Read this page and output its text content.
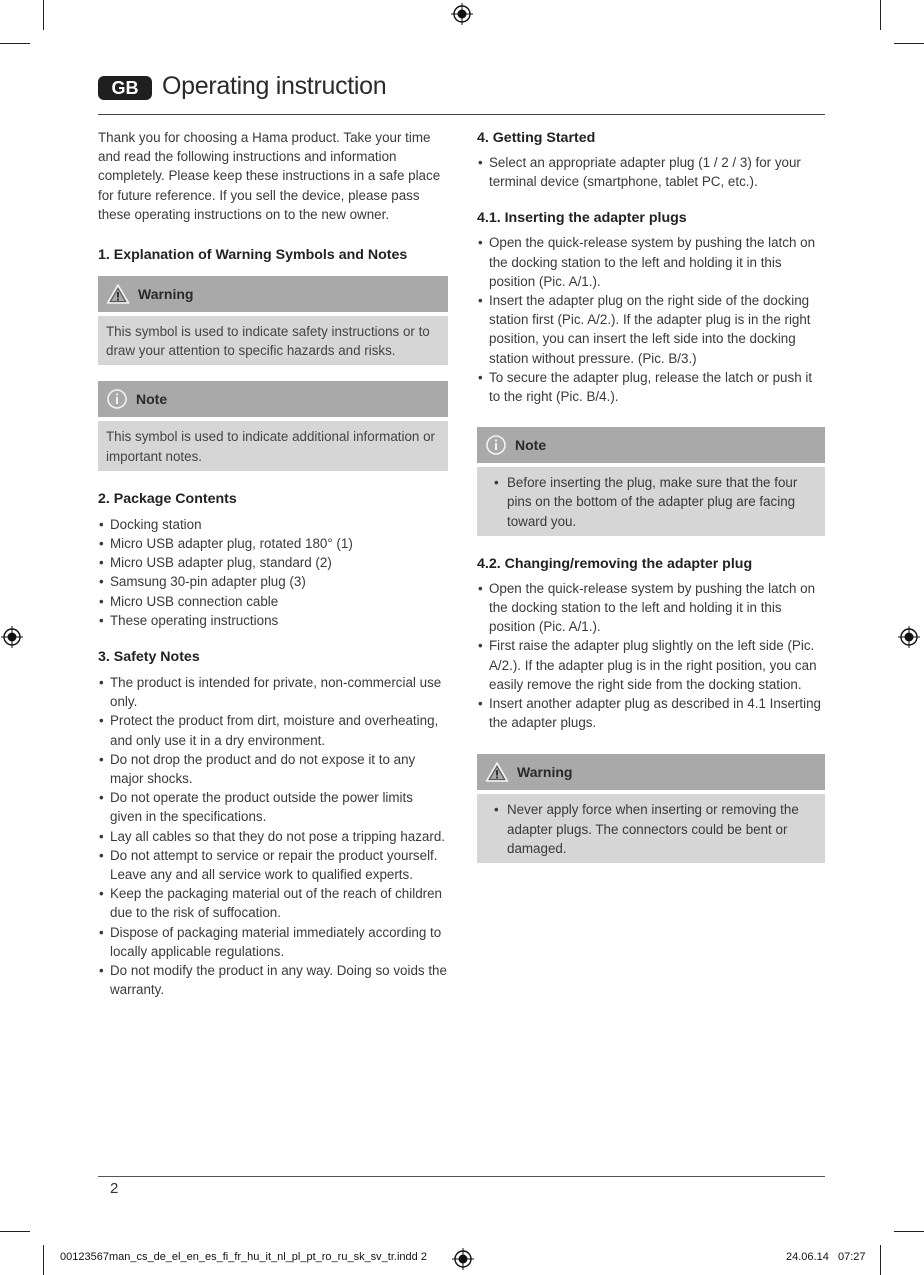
GB Operating instruction

Thank you for choosing a Hama product. Take your time and read the following instructions and information completely. Please keep these instructions in a safe place for future reference. If you sell the device, please pass these operating instructions on to the new owner.

1. Explanation of Warning Symbols and Notes

Warning

This symbol is used to indicate safety instructions or to draw your attention to specific hazards and risks.

Note

This symbol is used to indicate additional information or important notes.

2. Package Contents

• Docking station
• Micro USB adapter plug, rotated 180° (1)
• Micro USB adapter plug, standard (2)
• Samsung 30-pin adapter plug (3)
• Micro USB connection cable
• These operating instructions

3. Safety Notes

• The product is intended for private, non-commercial use only.
• Protect the product from dirt, moisture and overheating, and only use it in a dry environment.
• Do not drop the product and do not expose it to any major shocks.
• Do not operate the product outside the power limits given in the specifications.
• Lay all cables so that they do not pose a tripping hazard.
• Do not attempt to service or repair the product yourself. Leave any and all service work to qualified experts.
• Keep the packaging material out of the reach of children due to the risk of suffocation.
• Dispose of packaging material immediately according to locally applicable regulations.
• Do not modify the product in any way. Doing so voids the warranty.

4. Getting Started

• Select an appropriate adapter plug (1 / 2 / 3) for your terminal device (smartphone, tablet PC, etc.).

4.1. Inserting the adapter plugs

• Open the quick-release system by pushing the latch on the docking station to the left and holding it in this position (Pic. A/1.).
• Insert the adapter plug on the right side of the docking station first (Pic. A/2.). If the adapter plug is in the right position, you can insert the left side into the docking station without pressure. (Pic. B/3.)
• To secure the adapter plug, release the latch or push it to the right (Pic. B/4.).
Note
• Before inserting the plug, make sure that the four pins on the bottom of the adapter plug are facing toward you.

4.2. Changing/removing the adapter plug

• Open the quick-release system by pushing the latch on the docking station to the left and holding it in this position (Pic. A/1.).
• First raise the adapter plug slightly on the left side (Pic. A/2.). If the adapter plug is in the right position, you can easily remove the right side from the docking station.
• Insert another adapter plug as described in 4.1 Inserting the adapter plugs.
Warning
• Never apply force when inserting or removing the adapter plugs. The connectors could be bent or damaged.
2
00123567man_cs_de_el_en_es_fi_fr_hu_it_nl_pl_pt_ro_ru_sk_sv_tr.indd 2	24.06.14   07:27
